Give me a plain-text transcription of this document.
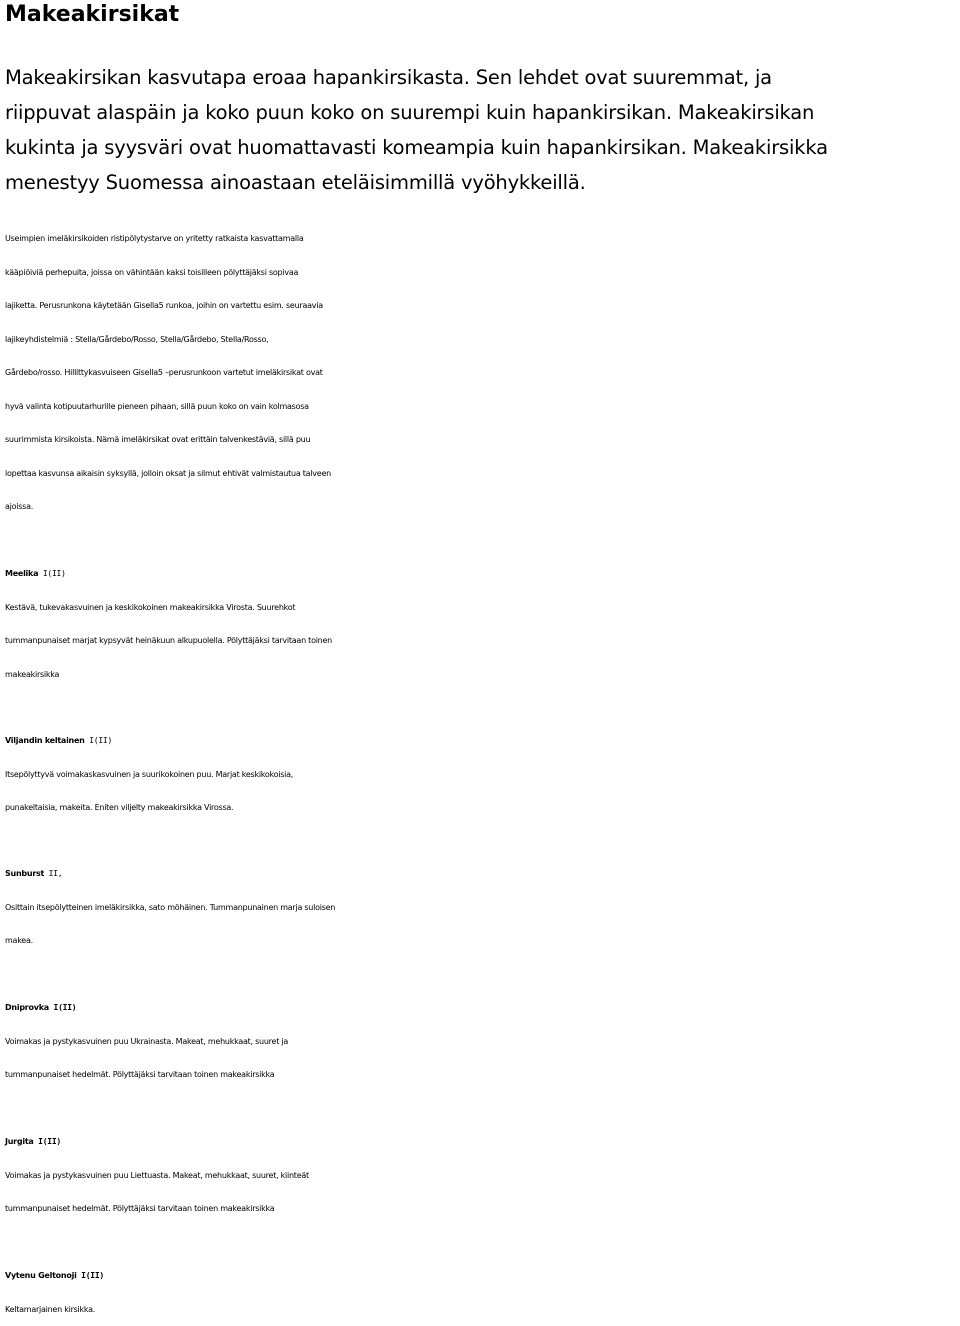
Makeakirsikat
Makeakirsikan kasvutapa eroaa hapankirsikasta. Sen lehdet ovat suuremmat, ja
riippuvat alaspäin ja koko puun koko on suurempi kuin hapankirsikan. Makeakirsikan
kukinta ja syysväri ovat huomattavasti komeampia kuin hapankirsikan. Makeakirsikka
menestyy Suomessa ainoastaan eteläisimmillä vyöhykkeillä.
Useimpien imeläkirsikoiden ristipölytystarve on yritetty ratkaista kasvattamalla
kääpiöiviä perhepuita, joissa on vähintään kaksi toisilleen pölyttäjäksi sopivaa
lajiketta. Perusrunkona käytetään Gisella5 runkoa, joihin on vartettu esim. seuraavia
lajikeyhdistelmiä : Stella/Gårdebo/Rosso, Stella/Gårdebo, Stella/Rosso,
Gårdebo/rosso. Hillittykasvuiseen Gisella5 –perusrunkoon vartetut imeläkirsikat ovat
hyvä valinta kotipuutarhurille pieneen pihaan, sillä puun koko on vain kolmasosa
suurimmista kirsikoista. Nämä imeläkirsikat ovat erittäin talvenkestäviä, sillä puu
lopettaa kasvunsa aikaisin syksyllä, jolloin oksat ja silmut ehtivät valmistautua talveen
ajoissa.
Meelika I(II)
Kestävä, tukevakasvuinen ja keskikokoinen makeakirsikka Virosta. Suurehkot
tummanpunaiset marjat kypsyvät heinäkuun alkupuolella. Pölyttäjäksi tarvitaan toinen
makeakirsikka
Viljandin keltainen I(II)
Itsepölyttyvä voimakaskasvuinen ja suurikokoinen puu. Marjat keskikokoisia,
punakeltaisia, makeita. Eniten viljelty makeakirsikka Virossa.
Sunburst II,
Osittain itsepölytteinen imeläkirsikka, sato möhäinen. Tummanpunainen marja suloisen
makea.
Dniprovka I(II)
Voimakas ja pystykasvuinen puu Ukrainasta. Makeat, mehukkaat, suuret ja
tummanpunaiset hedelmät. Pölyttäjäksi tarvitaan toinen makeakirsikka
Jurgita I(II)
Voimakas ja pystykasvuinen puu Liettuasta. Makeat, mehukkaat, suuret, kiinteät
tummanpunaiset hedelmät. Pölyttäjäksi tarvitaan toinen makeakirsikka
Vytenu Geltonoji I(II)
Keltamarjainen kirsikka.
